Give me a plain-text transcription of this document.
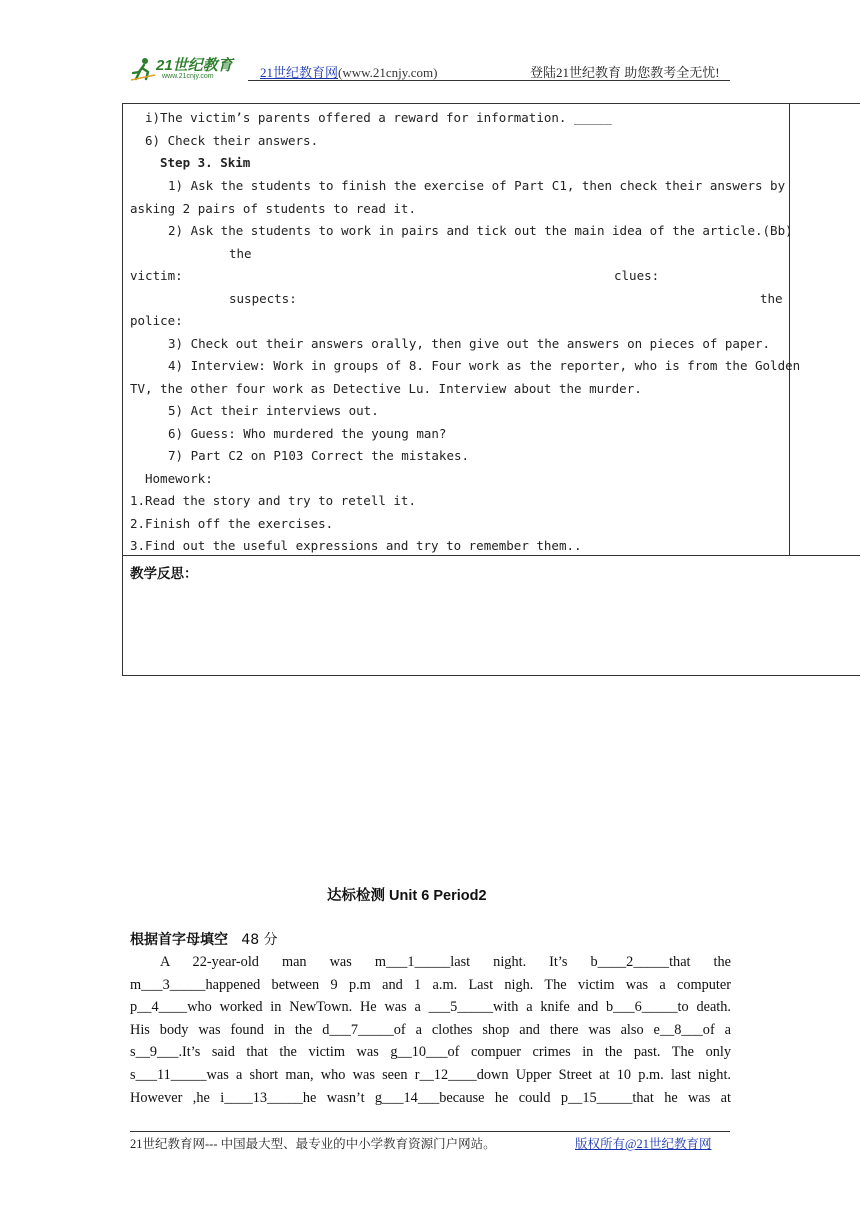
21世纪教育
www.21cnjy.com	21世纪教育网(www.21cnjy.com)	登陆21世纪教育 助您教考全无忧!
i)The victim’s parents offered a reward for information. _____
6) Check their answers.
Step 3. Skim
1) Ask the students to finish the exercise of Part C1, then check their answers by
asking 2 pairs of students to read it.
2) Ask the students to work in pairs and tick out the main idea of the article.(Bb)
the
victim:	clues:
suspects:	the
police:
3) Check out their answers orally, then give out the answers on pieces of paper.
4) Interview: Work in groups of 8. Four work as the reporter, who is from the Golden
TV, the other four work as Detective Lu. Interview about the murder.
5) Act their interviews out.
6) Guess: Who murdered the young man?
7) Part C2 on P103 Correct the mistakes.
Homework:
1.Read the story and try to retell it.
2.Finish off the exercises.
3.Find out the useful expressions and try to remember them..
教学反思：
达标检测 Unit 6 Period2
根据首字母填空 48 分
A 22-year-old man was m___1_____last night. It’s b____2_____that the
m___3_____happened between 9 p.m and 1 a.m. Last nigh. The victim was a computer
p__4____who worked in NewTown. He was a ___5_____with a knife and b___6_____to death.
His body was found in the d___7_____of a clothes shop and there was also e__8___of a
s__9___.It’s said that the victim was g__10___of compuer crimes in the past. The only
s___11_____was a short man, who was seen r__12____down Upper Street at 10 p.m. last night.
However ,he i____13_____he wasn’t g___14___because he could p__15_____that he was at
21世纪教育网--- 中国最大型、最专业的中小学教育资源门户网站。	版权所有@21世纪教育网
